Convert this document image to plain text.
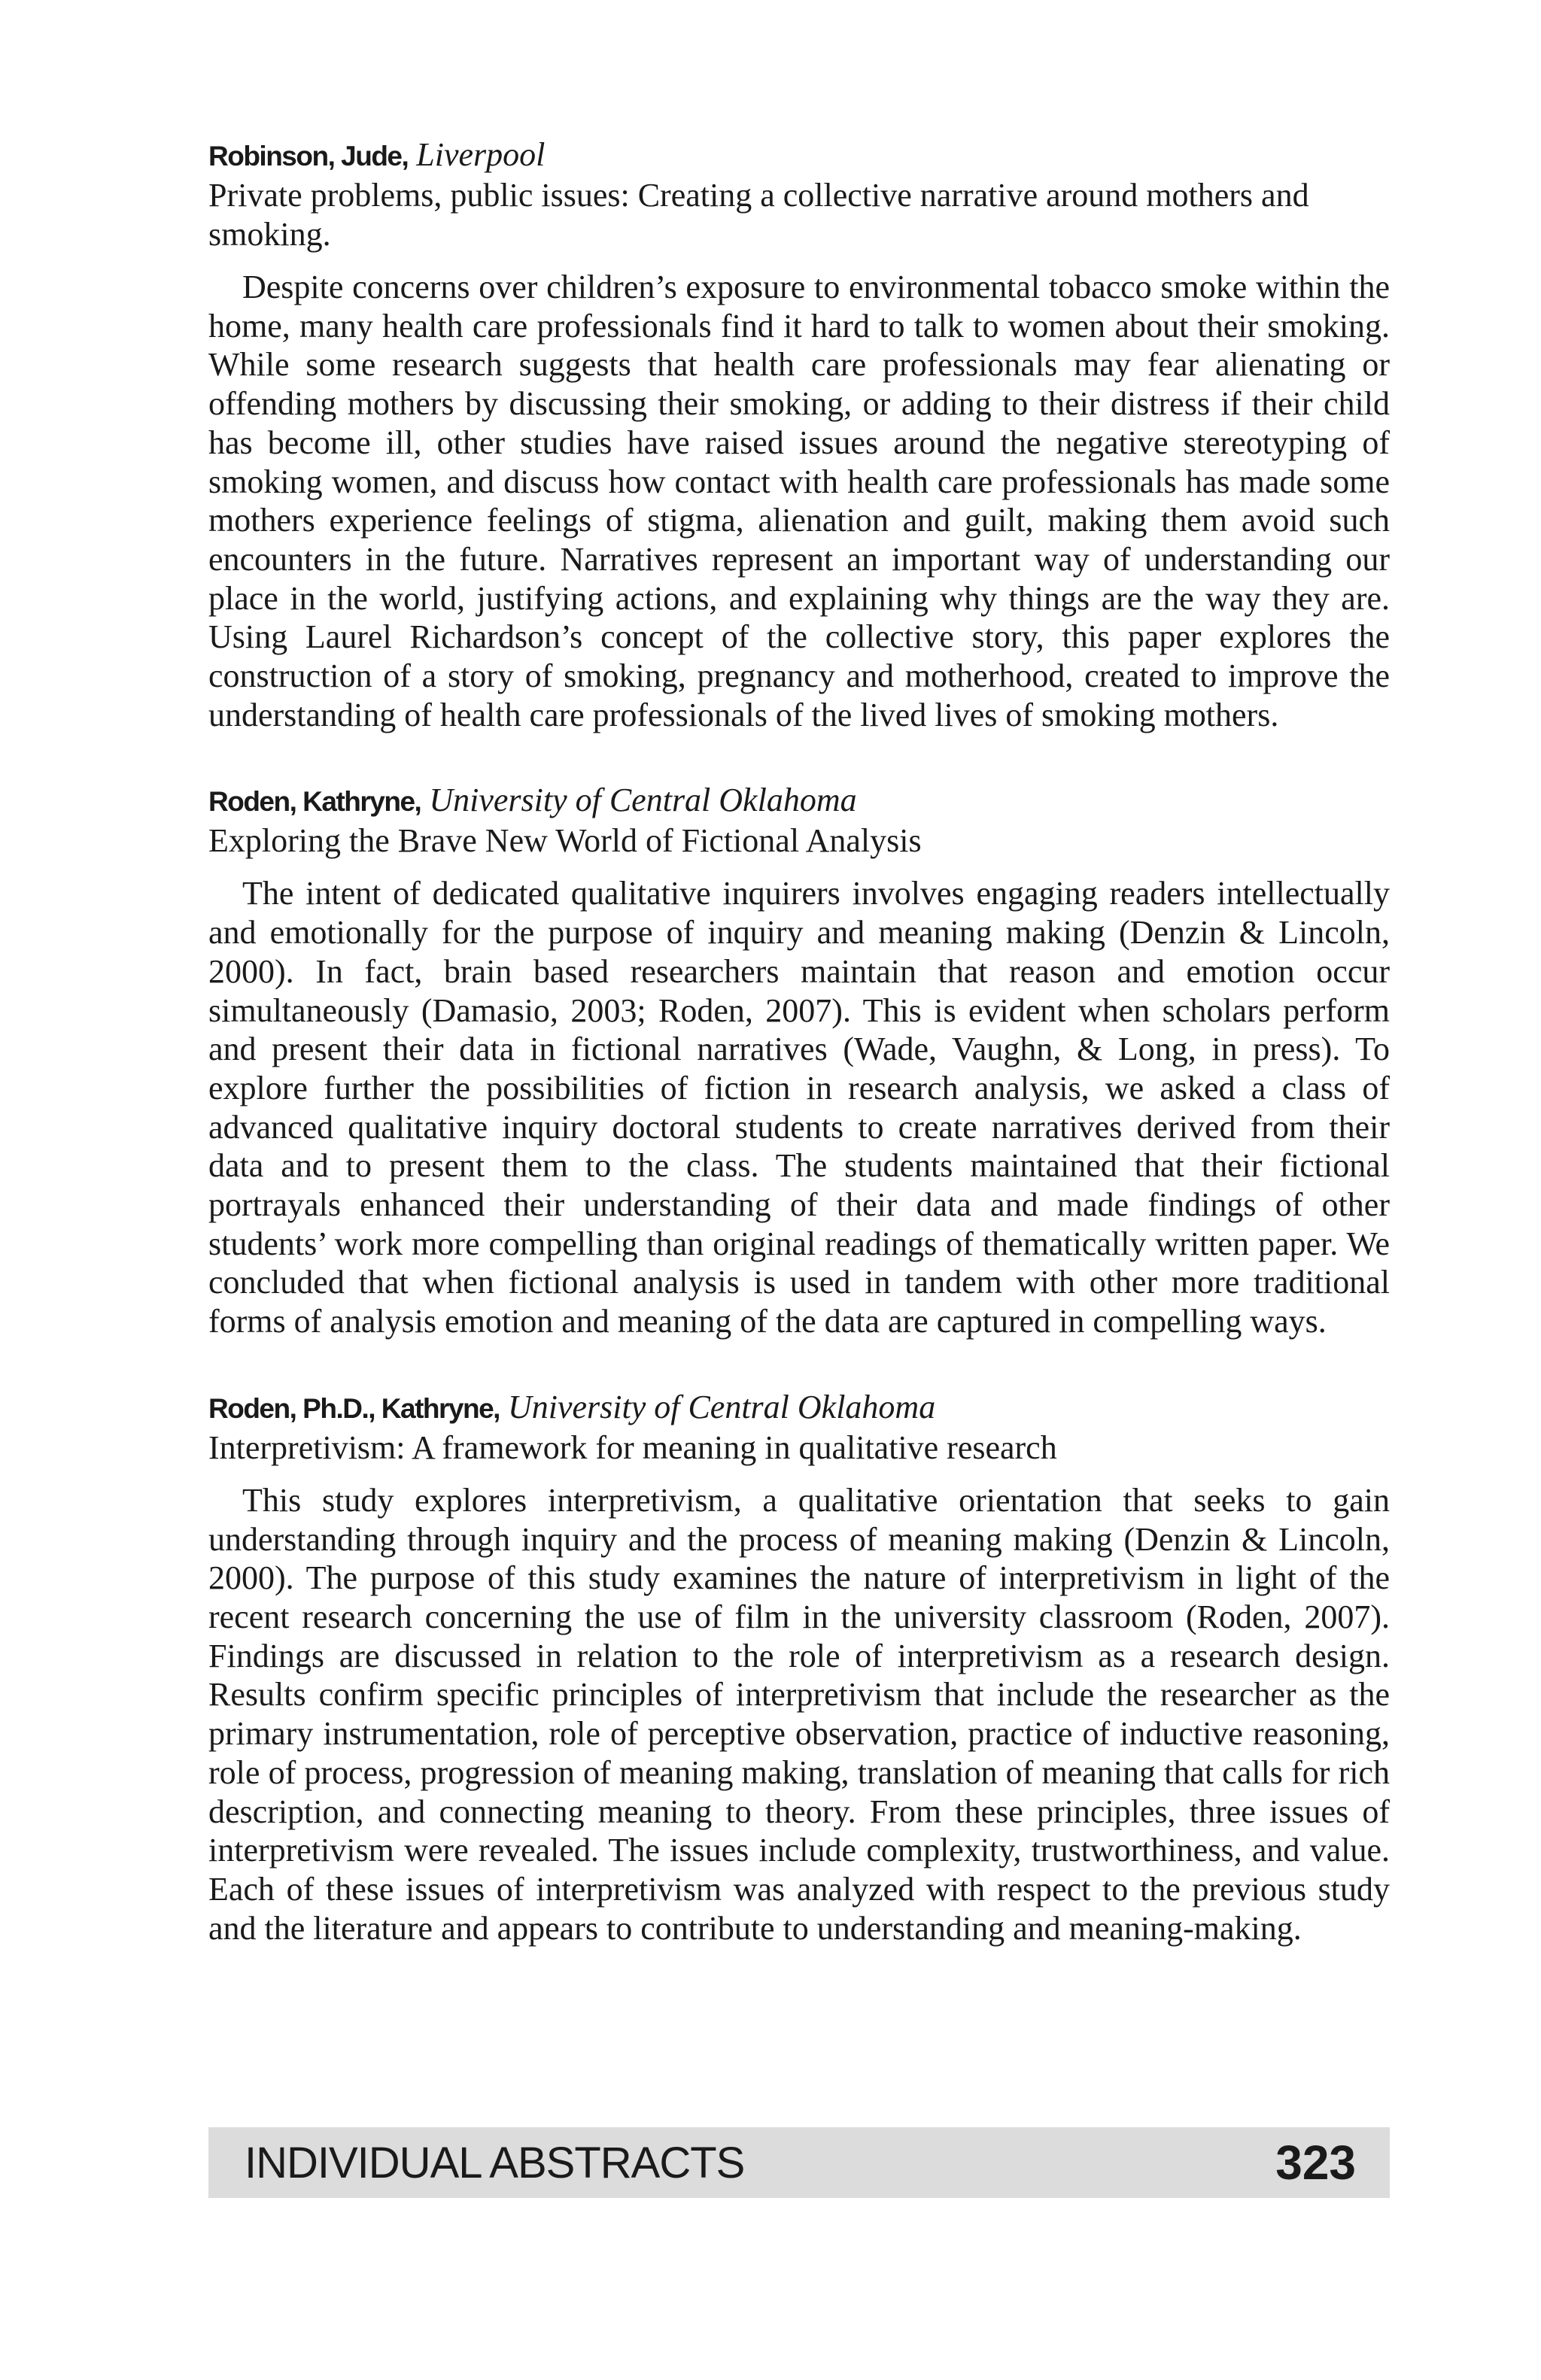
Robinson, Jude, Liverpool

Private problems, public issues: Creating a collective narrative around mothers and smoking.

Despite concerns over children’s exposure to environmental tobacco smoke within the home, many health care professionals find it hard to talk to women about their smoking. While some research suggests that health care professionals may fear alienating or offending mothers by discussing their smoking, or adding to their distress if their child has become ill, other studies have raised issues around the negative stereotyping of smoking women, and discuss how contact with health care professionals has made some mothers experience feelings of stigma, alienation and guilt, making them avoid such encounters in the future. Narratives represent an important way of understanding our place in the world, justifying actions, and explaining why things are the way they are. Using Laurel Richardson’s concept of the collective story, this paper explores the construction of a story of smoking, pregnancy and motherhood, created to improve the understanding of health care professionals of the lived lives of smoking mothers.

Roden, Kathryne, University of Central Oklahoma

Exploring the Brave New World of Fictional Analysis

The intent of dedicated qualitative inquirers involves engaging readers intellectually and emotionally for the purpose of inquiry and meaning making (Denzin & Lincoln, 2000). In fact, brain based researchers maintain that reason and emotion occur simultaneously (Damasio, 2003; Roden, 2007). This is evident when scholars perform and present their data in fictional narratives (Wade, Vaughn, & Long, in press). To explore further the possibilities of fiction in research analysis, we asked a class of advanced qualitative inquiry doctoral students to create narratives derived from their data and to present them to the class. The students maintained that their fictional portrayals enhanced their understanding of their data and made findings of other students’ work more compelling than original readings of thematically written paper. We concluded that when fictional analysis is used in tandem with other more traditional forms of analysis emotion and meaning of the data are captured in compelling ways.

Roden, Ph.D., Kathryne, University of Central Oklahoma

Interpretivism: A framework for meaning in qualitative research

This study explores interpretivism, a qualitative orientation that seeks to gain understanding through inquiry and the process of meaning making (Denzin & Lincoln, 2000). The purpose of this study examines the nature of interpretivism in light of the recent research concerning the use of film in the university classroom (Roden, 2007). Findings are discussed in relation to the role of interpretivism as a research design. Results confirm specific principles of interpretivism that include the researcher as the primary instrumentation, role of perceptive observation, practice of inductive reasoning, role of process, progression of meaning making, translation of meaning that calls for rich description, and connecting meaning to theory. From these principles, three issues of interpretivism were revealed. The issues include complexity, trustworthiness, and value. Each of these issues of interpretivism was analyzed with respect to the previous study and the literature and appears to contribute to understanding and meaning-making.

INDIVIDUAL ABSTRACTS	323
